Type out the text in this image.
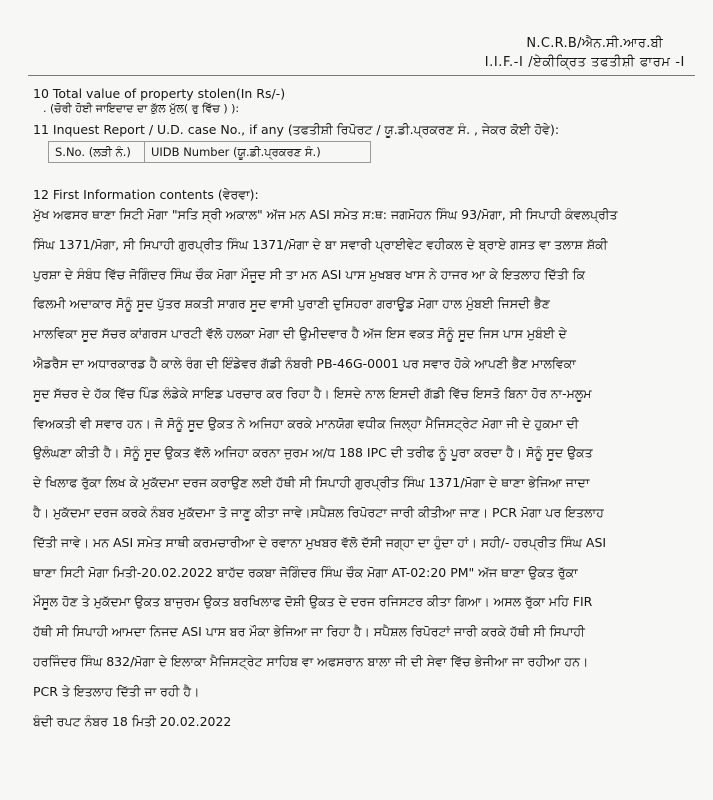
N.C.R.B/ਐਨ.ਸੀ.ਆਰ.ਬੀ
I.I.F.-I /ਏਕੀਕ੍ਰਿਤ ਤਫਤੀਸ਼ੀ ਫਾਰਮ -I
10 Total value of property stolen(In Rs/-)
. (ਚੋਰੀ ਹੋਈ ਜਾਇਦਾਦ ਦਾ ਕੁੱਲ ਮੁੱਲ( ਰੁ ਵਿੱਚ ) ):
11 Inquest Report / U.D. case No., if any (ਤਫਤੀਸ਼ੀ ਰਿਪੋਰਟ / ਯੂ.ਡੀ.ਪ੍ਰਕਰਣ ਸੰ. , ਜੇਕਰ ਕੋਈ ਹੋਵੇ):
S.No. (ਲੜੀ ਨੰ.)	UIDB Number (ਯੂ.ਡੀ.ਪ੍ਰਕਰਣ ਸੰ.)
12 First Information contents (ਵੇਰਵਾ):
ਮੁੱਖ ਅਫਸਰ ਥਾਣਾ ਸਿਟੀ ਮੋਗਾ "ਸਤਿ ਸ੍ਰੀ ਅਕਾਲ" ਅੱਜ ਮਨ ASI ਸਮੇਤ ਸ:ਥ: ਜਗਮੋਹਨ ਸਿੰਘ 93/ਮੋਗਾ, ਸੀ ਸਿਪਾਹੀ ਕੰਵਲਪ੍ਰੀਤ
ਸਿੰਘ 1371/ਮੋਗਾ, ਸੀ ਸਿਪਾਹੀ ਗੁਰਪ੍ਰੀਤ ਸਿੰਘ 1371/ਮੋਗਾ ਦੇ ਬਾ ਸਵਾਰੀ ਪ੍ਰਾਈਵੇਟ ਵਹੀਕਲ ਦੇ ਬ੍ਰਾਏ ਗਸਤ ਵਾ ਤਲਾਸ਼ ਸ਼ੱਕੀ
ਪੁਰਸ਼ਾ ਦੇ ਸੰਬੰਧ ਵਿੱਚ ਜੋਗਿੰਦਰ ਸਿੰਘ ਚੌਕ ਮੋਗਾ ਮੌਜੂਦ ਸੀ ਤਾ ਮਨ ASI ਪਾਸ ਮੁਖਬਰ ਖਾਸ ਨੇ ਹਾਜਰ ਆ ਕੇ ਇਤਲਾਹ ਦਿੱਤੀ ਕਿ
ਫਿਲਮੀ ਅਦਾਕਾਰ ਸੋਨੂੰ ਸੂਦ ਪੁੱਤਰ ਸ਼ਕਤੀ ਸਾਗਰ ਸੂਦ ਵਾਸੀ ਪੁਰਾਣੀ ਦੁਸਿਹਰਾ ਗਰਾਊਡ ਮੋਗਾ ਹਾਲ ਮੁੰਬਈ ਜਿਸਦੀ ਭੈਣ
ਮਾਲਵਿਕਾ ਸੂਦ ਸੱਚਰ ਕਾਂਗਰਸ ਪਾਰਟੀ ਵੱਲੋ ਹਲਕਾ ਮੋਗਾ ਦੀ ਉਮੀਦਵਾਰ ਹੈ ਅੱਜ ਇਸ ਵਕਤ ਸੋਨੂੰ ਸੂਦ ਜਿਸ ਪਾਸ ਮੁਬੰਈ ਦੇ
ਐਡਰੈਸ ਦਾ ਅਧਾਰਕਾਰਡ ਹੈ ਕਾਲੇ ਰੰਗ ਦੀ ਇੰਡੇਵਰ ਗੱਡੀ ਨੰਬਰੀ PB-46G-0001 ਪਰ ਸਵਾਰ ਹੋਕੇ ਆਪਣੀ ਭੈਣ ਮਾਲਵਿਕਾ
ਸੂਦ ਸੱਚਰ ਦੇ ਹੱਕ ਵਿੱਚ ਪਿੰਡ ਲੰਡੇਕੇ ਸਾਇਡ ਪਰਚਾਰ ਕਰ ਰਿਹਾ ਹੈ। ਇਸਦੇ ਨਾਲ ਇਸਦੀ ਗੱਡੀ ਵਿੱਚ ਇਸਤੋ ਬਿਨਾ ਹੋਰ ਨਾ-ਮਲੂਮ
ਵਿਅਕਤੀ ਵੀ ਸਵਾਰ ਹਨ। ਜੋ ਸੋਨੂੰ ਸੂਦ ਉਕਤ ਨੇ ਅਜਿਹਾ ਕਰਕੇ ਮਾਨਯੋਗ ਵਧੀਕ ਜਿਲ੍ਹਾ ਮੈਜਿਸਟ੍ਰੇਟ ਮੋਗਾ ਜੀ ਦੇ ਹੁਕਮਾ ਦੀ
ਉਲੰਘਣਾ ਕੀਤੀ ਹੈ। ਸੋਨੂੰ ਸੂਦ ਉਕਤ ਵੱਲੋ ਅਜਿਹਾ ਕਰਨਾ ਜੁਰਮ ਅ/ਧ 188 IPC ਦੀ ਤਰੀਫ ਨੂੰ ਪੂਰਾ ਕਰਦਾ ਹੈ। ਸੋਨੂੰ ਸੂਦ ਉਕਤ
ਦੇ ਖਿਲਾਫ ਰੁੱਕਾ ਲਿਖ ਕੇ ਮੁਕੱਦਮਾ ਦਰਜ ਕਰਾਉਣ ਲਈ ਹੱਥੀ ਸੀ ਸਿਪਾਹੀ ਗੁਰਪ੍ਰੀਤ ਸਿੰਘ 1371/ਮੋਗਾ ਦੇ ਥਾਣਾ ਭੇਜਿਆ ਜਾਦਾ
ਹੈ। ਮੁਕੱਦਮਾ ਦਰਜ ਕਰਕੇ ਨੰਬਰ ਮੁਕੱਦਮਾ ਤੋ ਜਾਣੂ ਕੀਤਾ ਜਾਵੇ।ਸਪੈਸ਼ਲ ਰਿਪੋਰਟਾ ਜਾਰੀ ਕੀਤੀਆ ਜਾਣ। PCR ਮੋਗਾ ਪਰ ਇਤਲਾਹ
ਦਿੱਤੀ ਜਾਵੇ। ਮਨ ASI ਸਮੇਤ ਸਾਥੀ ਕਰਮਚਾਰੀਆ ਦੇ ਰਵਾਨਾ ਮੁਖਬਰ ਵੱਲੋ ਦੱਸੀ ਜਗ੍ਹਾ ਦਾ ਹੁੰਦਾ ਹਾਂ। ਸਹੀ/- ਹਰਪ੍ਰੀਤ ਸਿੰਘ ASI
ਥਾਣਾ ਸਿਟੀ ਮੋਗਾ ਮਿਤੀ-20.02.2022 ਬਾਹੱਦ ਰਕਬਾ ਜੋਗਿੰਦਰ ਸਿੰਘ ਚੌਕ ਮੋਗਾ AT-02:20 PM" ਅੱਜ ਥਾਣਾ ਉਕਤ ਰੁੱਕਾ
ਮੌਸੂਲ ਹੋਣ ਤੇ ਮੁਕੱਦਮਾ ਉਕਤ ਬਾਜੁਰਮ ਉਕਤ ਬਰਖਿਲਾਫ ਦੋਸ਼ੀ ਉਕਤ ਦੇ ਦਰਜ ਰਜਿਸਟਰ ਕੀਤਾ ਗਿਆ। ਅਸਲ ਰੁੱਕਾ ਮਹਿ FIR
ਹੱਥੀ ਸੀ ਸਿਪਾਹੀ ਆਮਦਾ ਨਿਜਦ ASI ਪਾਸ ਬਰ ਮੌਕਾ ਭੇਜਿਆ ਜਾ ਰਿਹਾ ਹੈ। ਸਪੈਸ਼ਲ ਰਿਪੋਰਟਾਂ ਜਾਰੀ ਕਰਕੇ ਹੱਥੀ ਸੀ ਸਿਪਾਹੀ
ਹਰਜਿੰਦਰ ਸਿੰਘ 832/ਮੋਗਾ ਦੇ ਇਲਾਕਾ ਮੈਜਿਸਟ੍ਰੇਟ ਸਾਹਿਬ ਵਾ ਅਫਸਰਾਨ ਬਾਲਾ ਜੀ ਦੀ ਸੇਵਾ ਵਿੱਚ ਭੇਜੀਆ ਜਾ ਰਹੀਆ ਹਨ।
PCR ਤੇ ਇਤਲਾਹ ਦਿੱਤੀ ਜਾ ਰਹੀ ਹੈ।
ਬੰਦੀ ਰਪਟ ਨੰਬਰ 18 ਮਿਤੀ 20.02.2022
